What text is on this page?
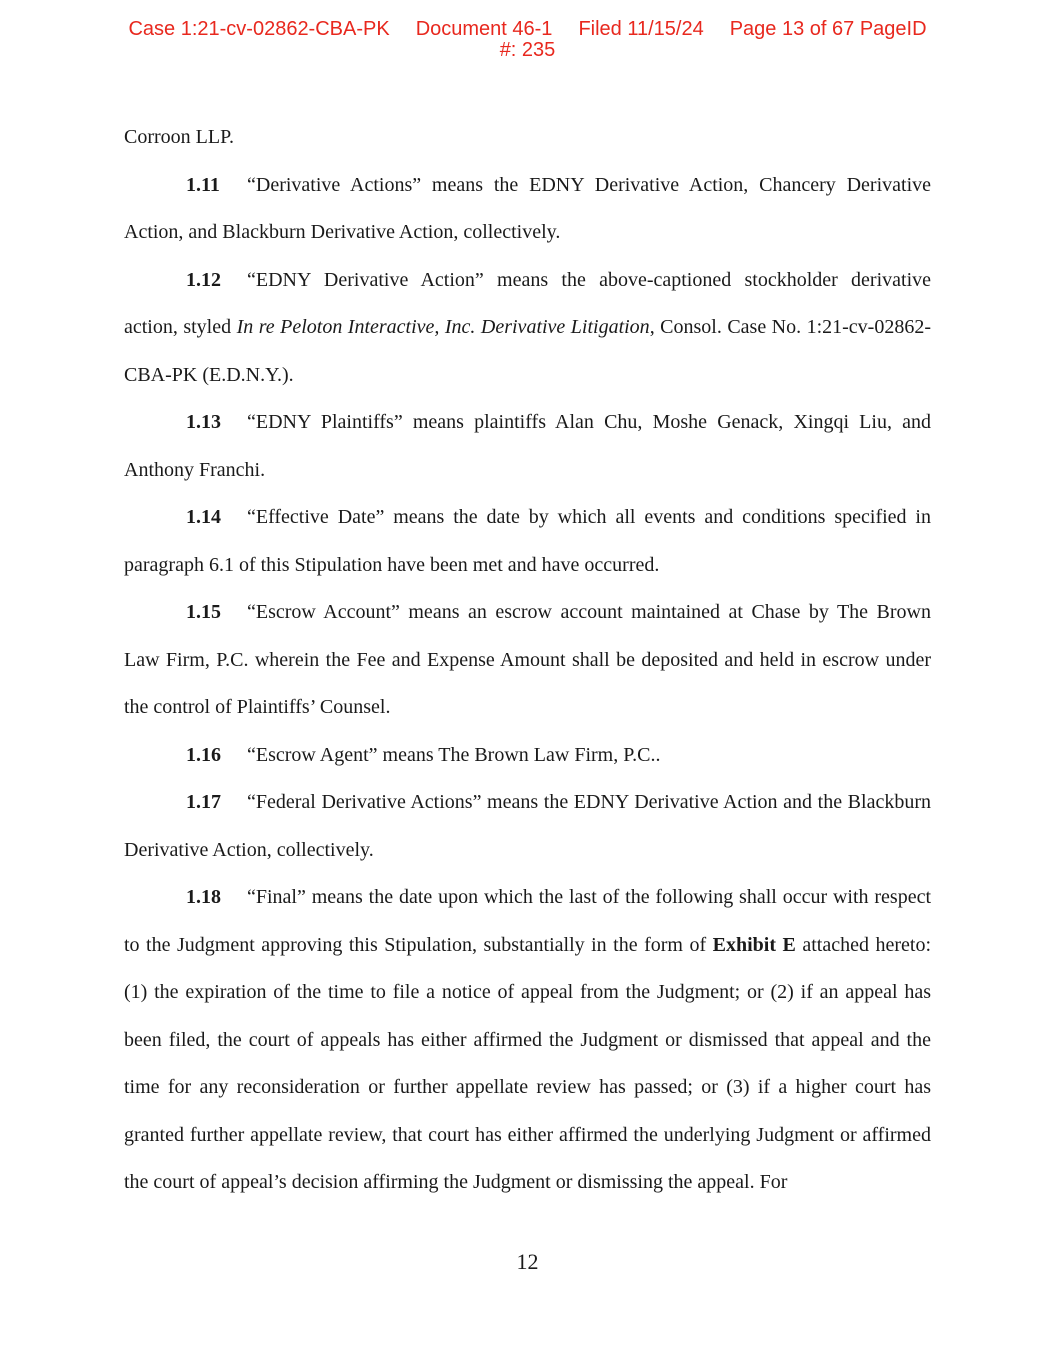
Case 1:21-cv-02862-CBA-PK Document 46-1 Filed 11/15/24 Page 13 of 67 PageID
#: 235

Corroon LLP.

1.11 “Derivative Actions” means the EDNY Derivative Action, Chancery Derivative Action, and Blackburn Derivative Action, collectively.

1.12 “EDNY Derivative Action” means the above-captioned stockholder derivative action, styled In re Peloton Interactive, Inc. Derivative Litigation, Consol. Case No. 1:21-cv-02862-CBA-PK (E.D.N.Y.).

1.13 “EDNY Plaintiffs” means plaintiffs Alan Chu, Moshe Genack, Xingqi Liu, and Anthony Franchi.

1.14 “Effective Date” means the date by which all events and conditions specified in paragraph 6.1 of this Stipulation have been met and have occurred.

1.15 “Escrow Account” means an escrow account maintained at Chase by The Brown Law Firm, P.C. wherein the Fee and Expense Amount shall be deposited and held in escrow under the control of Plaintiffs’ Counsel.

1.16 “Escrow Agent” means The Brown Law Firm, P.C..

1.17 “Federal Derivative Actions” means the EDNY Derivative Action and the Blackburn Derivative Action, collectively.

1.18 “Final” means the date upon which the last of the following shall occur with respect to the Judgment approving this Stipulation, substantially in the form of Exhibit E attached hereto: (1) the expiration of the time to file a notice of appeal from the Judgment; or (2) if an appeal has been filed, the court of appeals has either affirmed the Judgment or dismissed that appeal and the time for any reconsideration or further appellate review has passed; or (3) if a higher court has granted further appellate review, that court has either affirmed the underlying Judgment or affirmed the court of appeal’s decision affirming the Judgment or dismissing the appeal. For

12
